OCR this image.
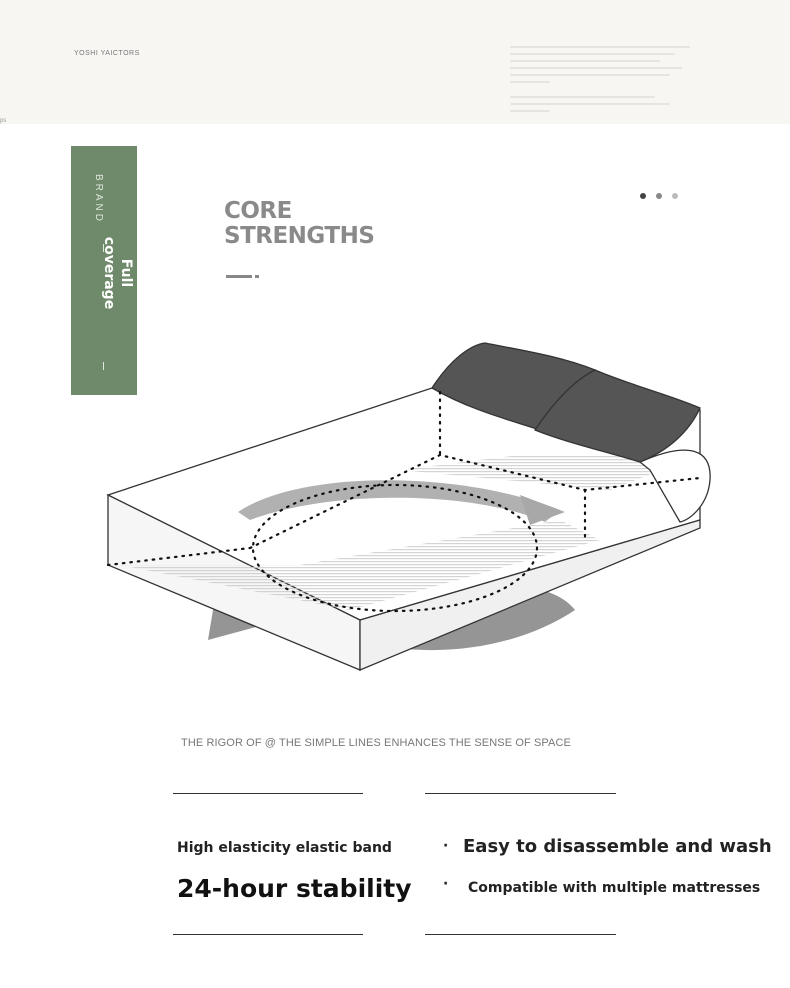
YOSHI YAICTORS
ps
BRAND
Full
coverage
CORE
STRENGTHS
THE RIGOR OF @ THE SIMPLE LINES ENHANCES THE SENSE OF SPACE
High elasticity elastic band
24-hour stability
· Easy to disassemble and wash
· Compatible with multiple mattresses
